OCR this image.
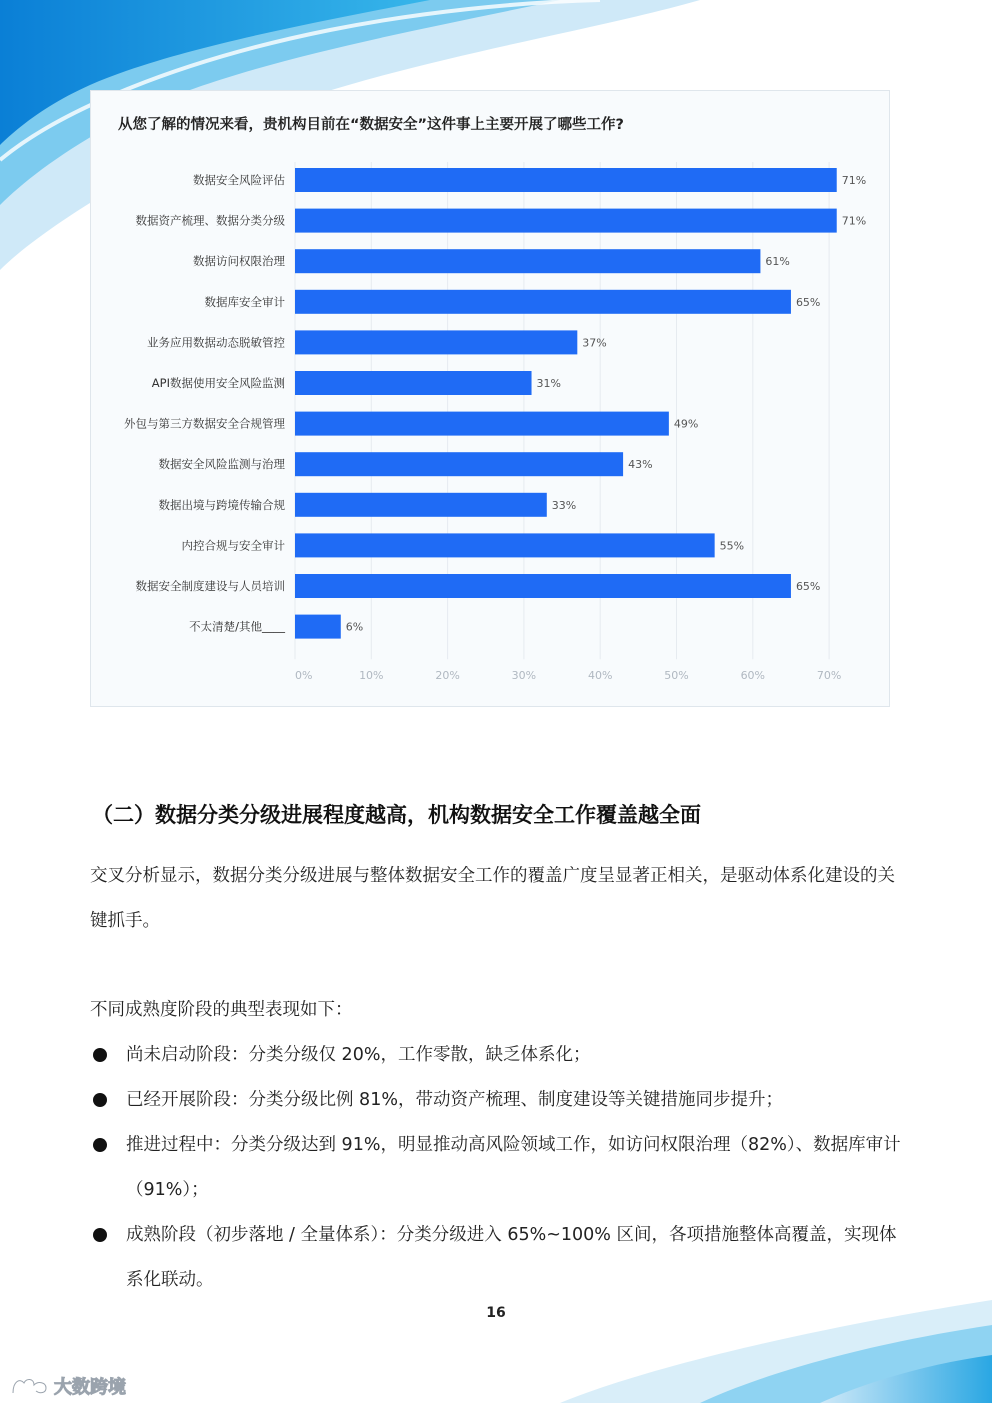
从您了解的情况来看，贵机构目前在“数据安全”这件事上主要开展了哪些工作?
0%	10%	20%	30%	40%	50%	60%	70%
数据安全风险评估	71%
数据资产梳理、数据分类分级	71%
数据访问权限治理	61%
数据库安全审计	65%
业务应用数据动态脱敏管控	37%
API数据使用安全风险监测	31%
外包与第三方数据安全合规管理	49%
数据安全风险监测与治理	43%
数据出境与跨境传输合规	33%
内控合规与安全审计	55%
数据安全制度建设与人员培训	65%
不太清楚/其他____	6%
（二）数据分类分级进展程度越高，机构数据安全工作覆盖越全面
交叉分析显示，数据分类分级进展与整体数据安全工作的覆盖广度呈显著正相关，是驱动体系化建设的关键抓手。
不同成熟度阶段的典型表现如下：
尚未启动阶段：分类分级仅 20%，工作零散，缺乏体系化；
已经开展阶段：分类分级比例 81%，带动资产梳理、制度建设等关键措施同步提升；
推进过程中：分类分级达到 91%，明显推动高风险领域工作，如访问权限治理（82%）、数据库审计（91%）；
成熟阶段（初步落地 / 全量体系）：分类分级进入 65%~100% 区间，各项措施整体高覆盖，实现体系化联动。
16
大数跨境
